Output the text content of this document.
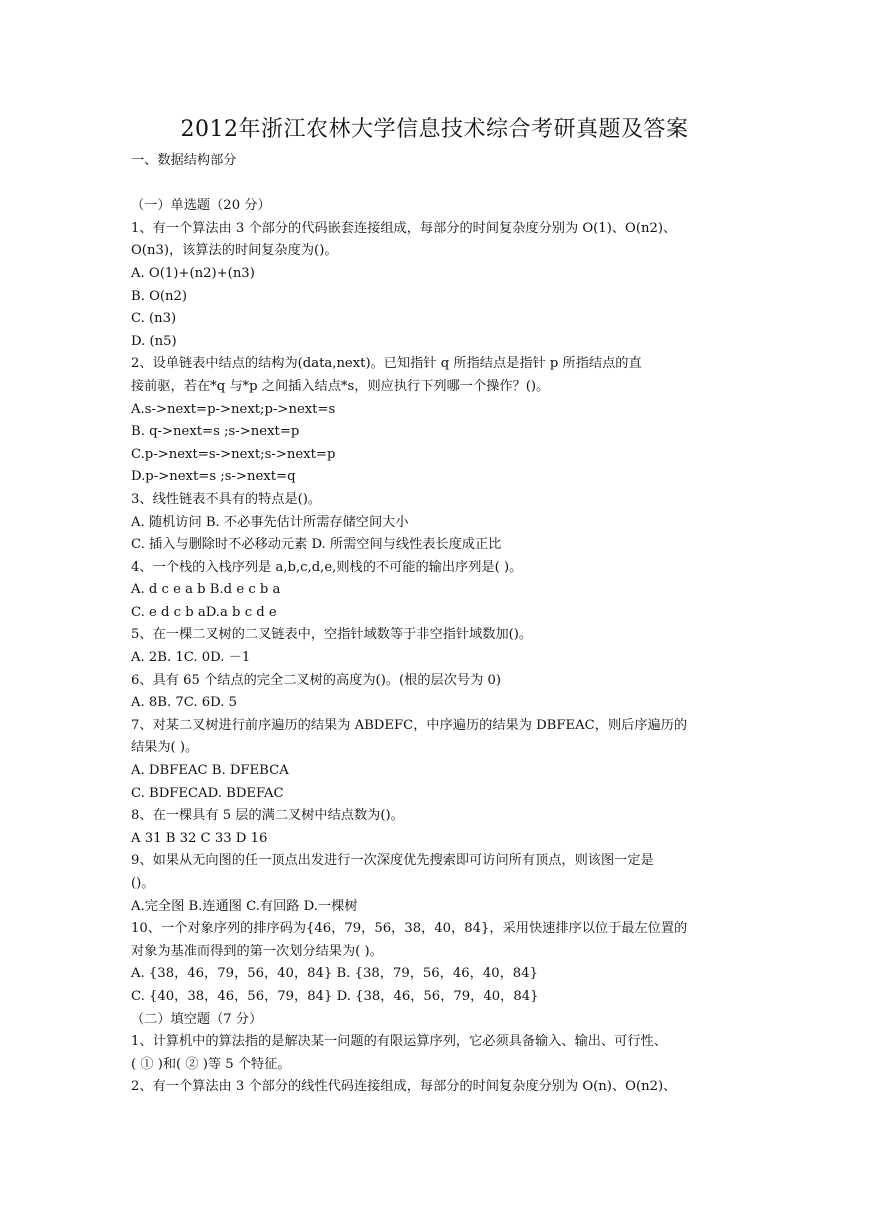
2012年浙江农林大学信息技术综合考研真题及答案
一、数据结构部分
（一）单选题（20 分）
1、有一个算法由 3 个部分的代码嵌套连接组成，每部分的时间复杂度分别为 O(1)、O(n2)、
O(n3)，该算法的时间复杂度为()。
A. O(1)+(n2)+(n3)
B. O(n2)
C. (n3)
D. (n5)
2、设单链表中结点的结构为(data,next)。已知指针 q 所指结点是指针 p 所指结点的直
接前驱，若在*q 与*p 之间插入结点*s，则应执行下列哪一个操作？()。
A.s->next=p->next;p->next=s
B. q->next=s ;s->next=p
C.p->next=s->next;s->next=p
D.p->next=s ;s->next=q
3、线性链表不具有的特点是()。
A. 随机访问 B. 不必事先估计所需存储空间大小
C. 插入与删除时不必移动元素 D. 所需空间与线性表长度成正比
4、一个栈的入栈序列是 a,b,c,d,e,则栈的不可能的输出序列是( )。
A. d c e a b B.d e c b a
C. e d c b aD.a b c d e
5、在一棵二叉树的二叉链表中，空指针域数等于非空指针域数加()。
A. 2B. 1C. 0D. －1
6、具有 65 个结点的完全二叉树的高度为()。(根的层次号为 0)
A. 8B. 7C. 6D. 5
7、对某二叉树进行前序遍历的结果为 ABDEFC，中序遍历的结果为 DBFEAC，则后序遍历的
结果为( )。
A. DBFEAC B. DFEBCA
C. BDFECAD. BDEFAC
8、在一棵具有 5 层的满二叉树中结点数为()。
A 31 B 32 C 33 D 16
9、如果从无向图的任一顶点出发进行一次深度优先搜索即可访问所有顶点，则该图一定是
()。
A.完全图 B.连通图 C.有回路 D.一棵树
10、一个对象序列的排序码为{46，79，56，38，40，84}，采用快速排序以位于最左位置的
对象为基准而得到的第一次划分结果为( )。
A. {38，46，79，56，40，84} B. {38，79，56，46，40，84}
C. {40，38，46，56，79，84} D. {38，46，56，79，40，84}
（二）填空题（7 分）
1、计算机中的算法指的是解决某一问题的有限运算序列，它必须具备输入、输出、可行性、
( ① )和( ② )等 5 个特征。
2、有一个算法由 3 个部分的线性代码连接组成，每部分的时间复杂度分别为 O(n)、O(n2)、
